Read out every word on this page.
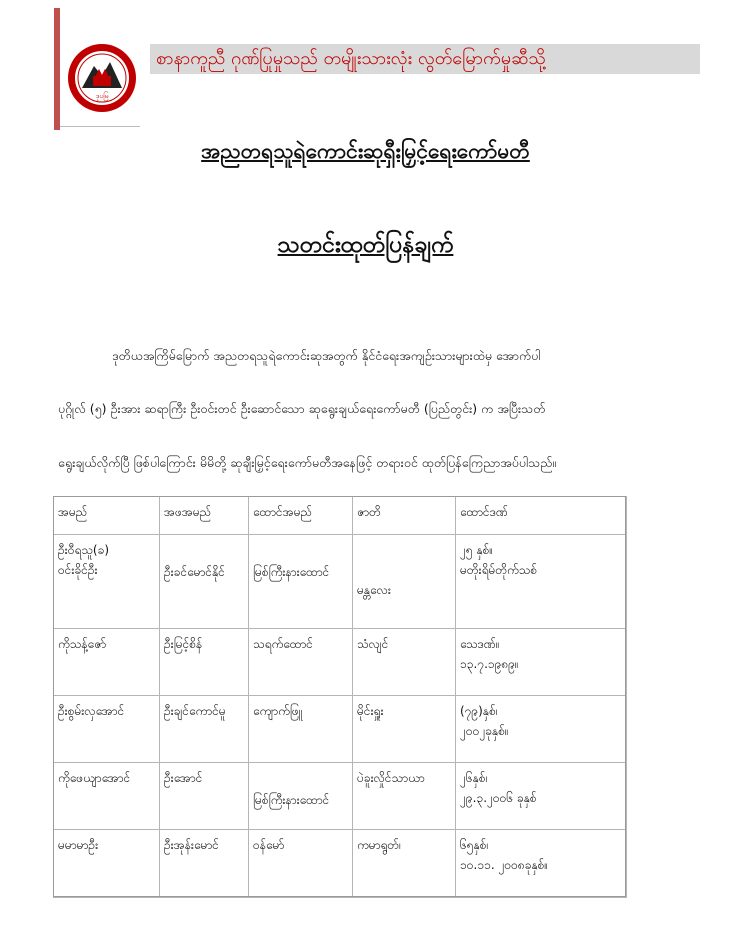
ဒုပမြ
စာနာကူညီ ဂုဏ်ပြုမှုသည် တမျိုးသားလုံး လွတ်မြောက်မှုဆီသို့
အညတရသူရဲကောင်းဆုရှီးမြှင့်ရေးကော်မတီ
သတင်းထုတ်ပြန်ချက်
ဒုတိယအကြိမ်မြောက် အညတရသူရဲကောင်းဆုအတွက် နိုင်ငံရေးအကျဉ်းသားများထဲမှ အောက်ပါ
ပုဂ္ဂိုလ် (၅) ဦးအား ဆရာကြီး ဦးဝင်းတင် ဦးဆောင်သော ဆုရွေးချယ်ရေးကော်မတီ (ပြည်တွင်း) က အပြီးသတ်
ရွေးချယ်လိုက်ပြီ ဖြစ်ပါကြောင်း မိမိတို့ ဆုချီးမြှင့်ရေးကော်မတီအနေဖြင့် တရားဝင် ထုတ်ပြန်ကြေညာအပ်ပါသည်။
အမည်	အဖအမည်	ထောင်အမည်	ဇာတိ	ထောင်ဒဏ်

ဦးဝီရသူ(ခ)
ဝင်းခိုင်ဦး	ဦးခင်မောင်နိုင်	မြစ်ကြီးနားထောင်	မန္တလေး	၂၅ နှစ်။
မတိုးရိမ်တိုက်သစ်

ကိုသန့်ဇော်	ဦးမြင့်စိန်	သရက်ထောင်	သံလျင်	သေဒဏ်။
၁၃.၇.၁၉၈၉။

ဦးစွမ်းလှအောင်	ဦးချင်ကောင်မူ	ကျောက်ဖြူ	မိုင်းရှူး	(၇၉)နှစ်၊
၂၀၀၂ခုနှစ်။

ကိုဖေယျာအောင်	ဦးအောင်	မြစ်ကြီးနားထောင်	ပဲခူးလှိုင်သာယာ	၂၆နှစ်၊
၂၉.၃.၂၀၀၆ ခုနှစ်

မမာမာဦး	ဦးအုန်းမောင်	ဝန်မော်	ကမာရွတ်၊	၆၅နှစ်၊
၁၀.၁၁. ၂၀၀၈ခုနှစ်။
